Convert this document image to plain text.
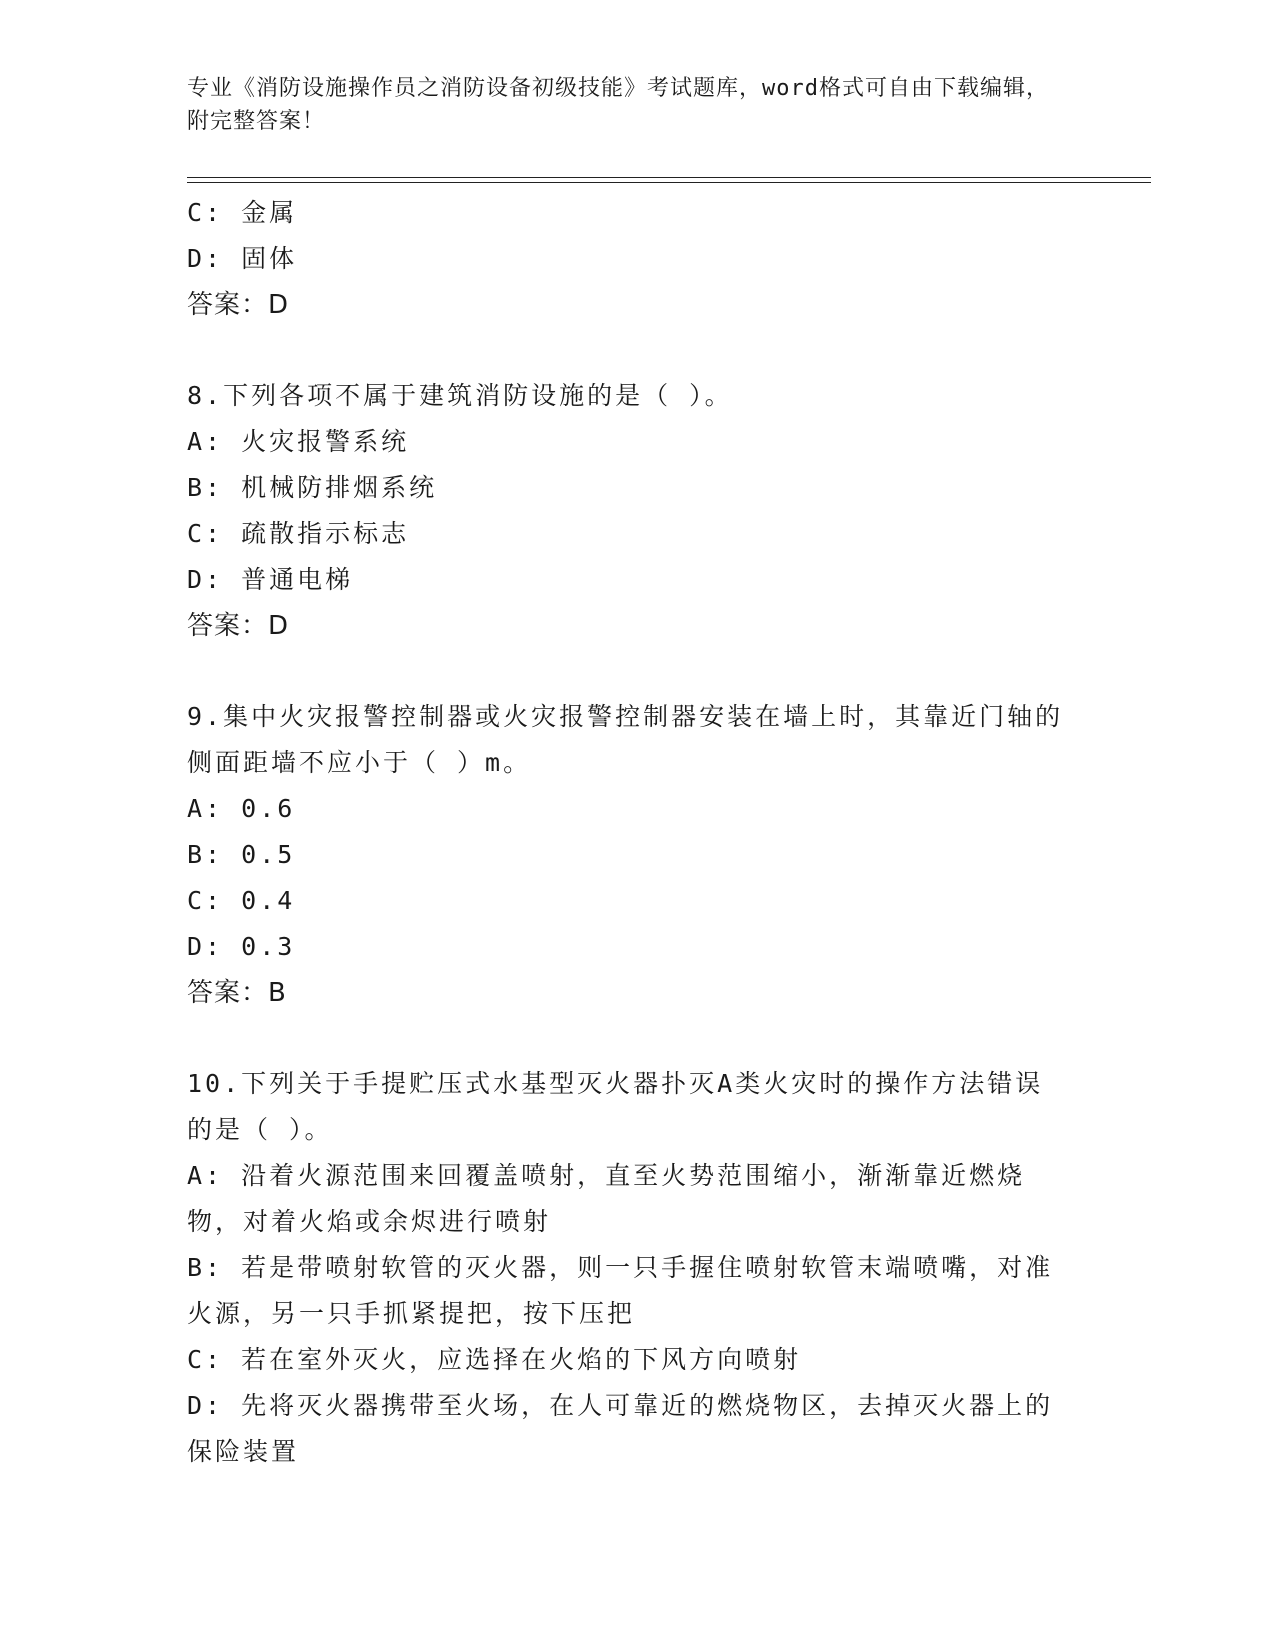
专业《消防设施操作员之消防设备初级技能》考试题库，word格式可自由下载编辑，附完整答案！

C: 金属

D: 固体

答案：D

8.下列各项不属于建筑消防设施的是（ ）。

A: 火灾报警系统

B: 机械防排烟系统

C: 疏散指示标志

D: 普通电梯

答案：D

9.集中火灾报警控制器或火灾报警控制器安装在墙上时，其靠近门轴的侧面距墙不应小于（ ）m。

A: 0.6

B: 0.5

C: 0.4

D: 0.3

答案：B

10.下列关于手提贮压式水基型灭火器扑灭A类火灾时的操作方法错误的是（ ）。

A: 沿着火源范围来回覆盖喷射，直至火势范围缩小，渐渐靠近燃烧物，对着火焰或余烬进行喷射

B: 若是带喷射软管的灭火器，则一只手握住喷射软管末端喷嘴，对准火源，另一只手抓紧提把，按下压把

C: 若在室外灭火，应选择在火焰的下风方向喷射

D: 先将灭火器携带至火场，在人可靠近的燃烧物区，去掉灭火器上的保险装置
